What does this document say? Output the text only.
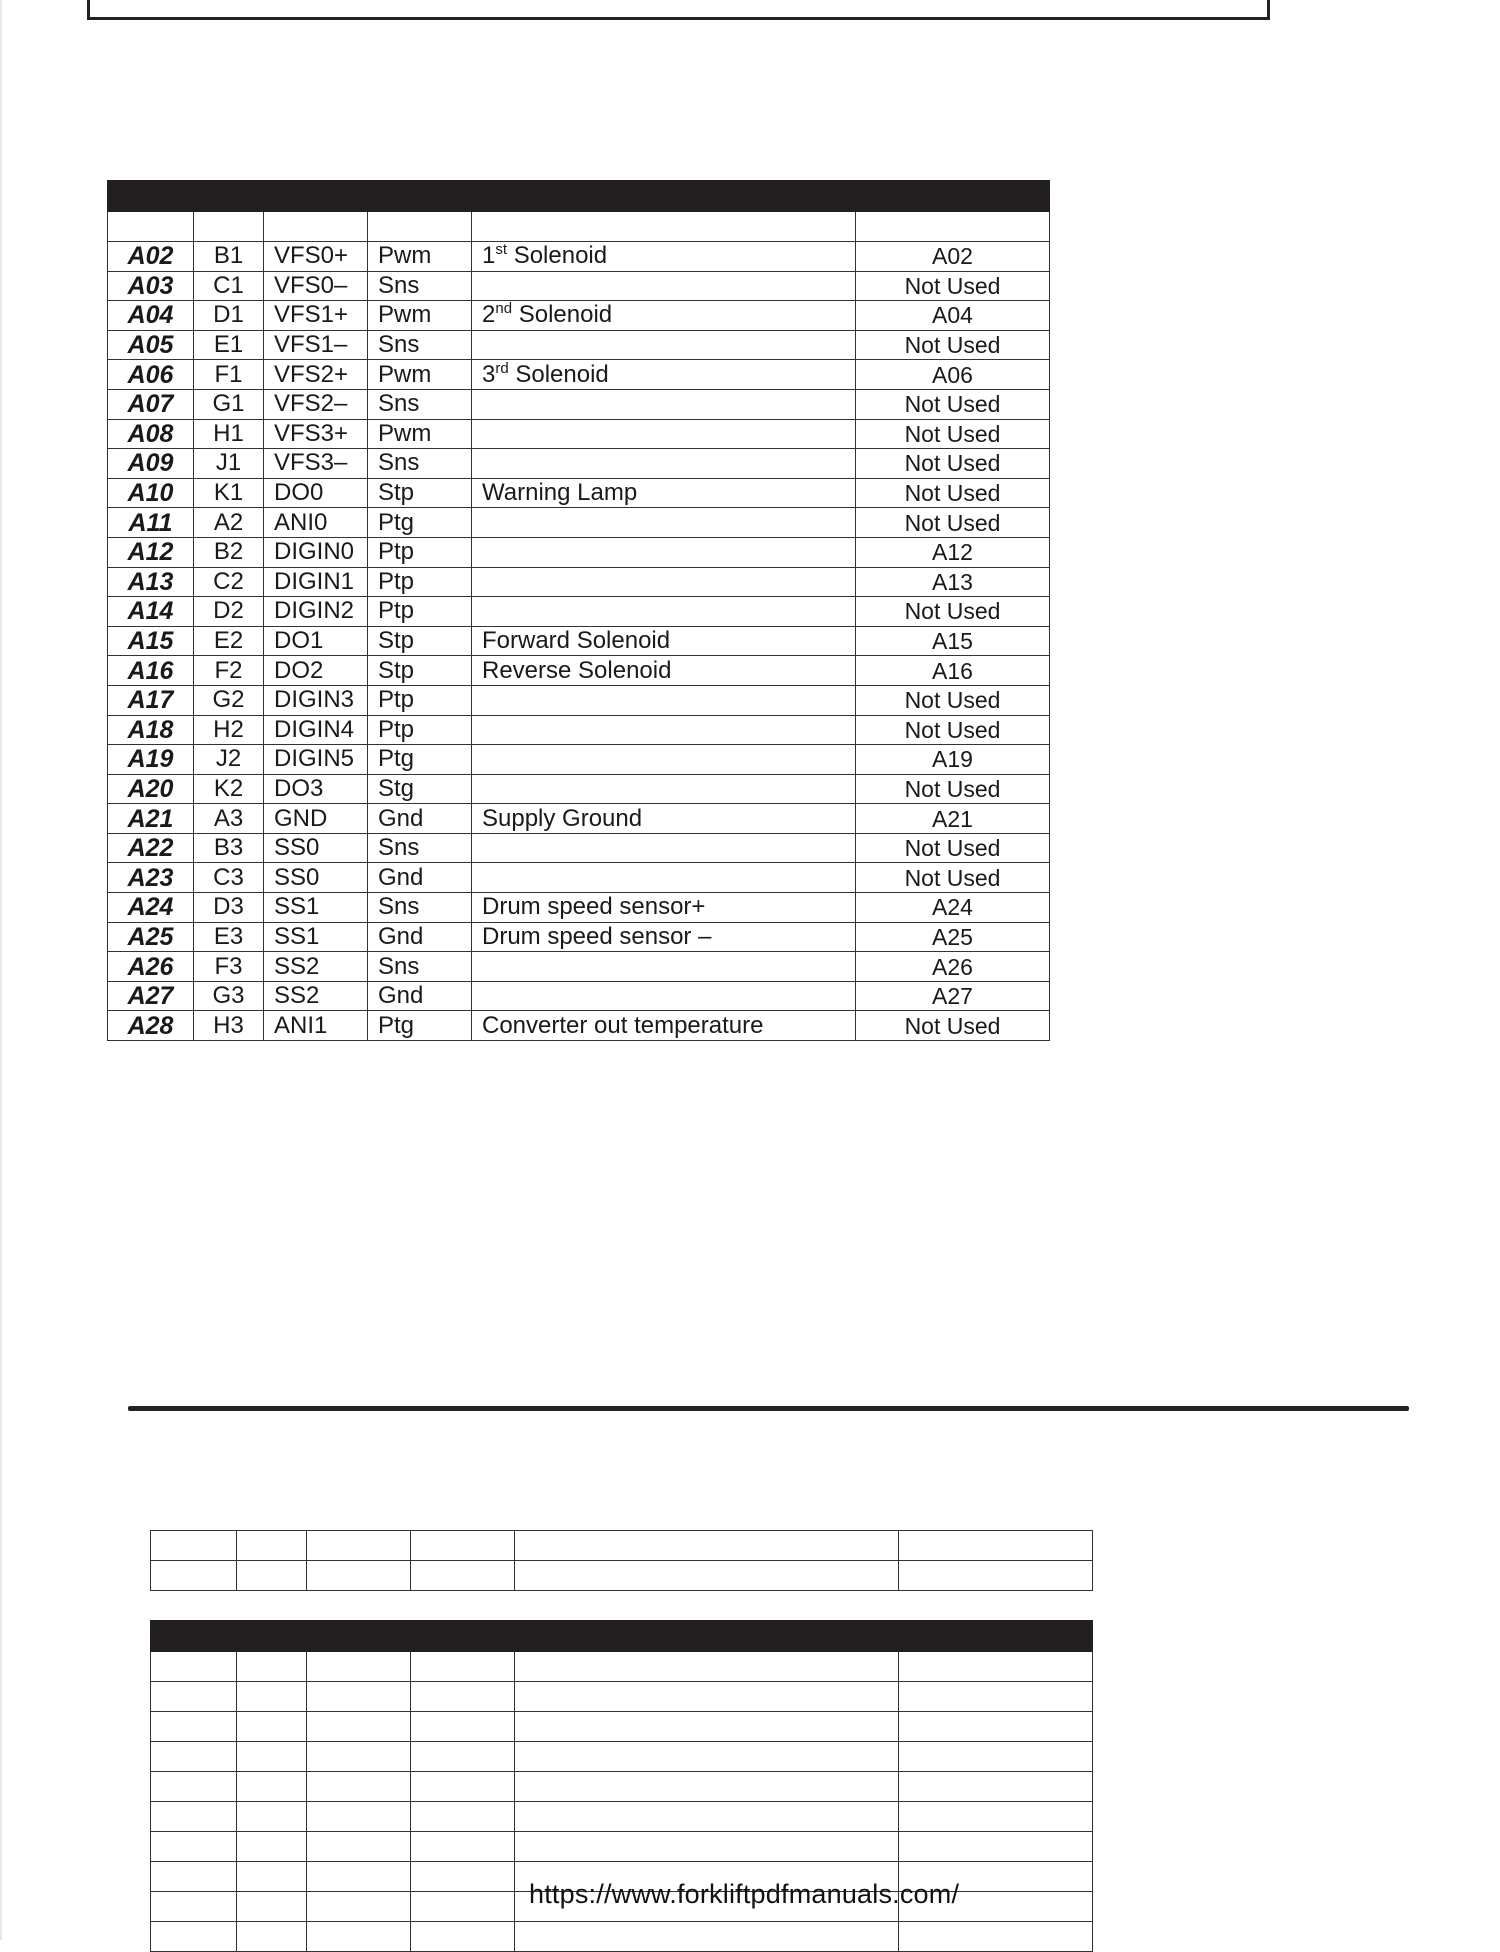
A02	B1	VFS0+	Pwm	1st Solenoid	A02
A03	C1	VFS0–	Sns		Not Used
A04	D1	VFS1+	Pwm	2nd Solenoid	A04
A05	E1	VFS1–	Sns		Not Used
A06	F1	VFS2+	Pwm	3rd Solenoid	A06
A07	G1	VFS2–	Sns		Not Used
A08	H1	VFS3+	Pwm		Not Used
A09	J1	VFS3–	Sns		Not Used
A10	K1	DO0	Stp	Warning Lamp	Not Used
A11	A2	ANI0	Ptg		Not Used
A12	B2	DIGIN0	Ptp		A12
A13	C2	DIGIN1	Ptp		A13
A14	D2	DIGIN2	Ptp		Not Used
A15	E2	DO1	Stp	Forward Solenoid	A15
A16	F2	DO2	Stp	Reverse Solenoid	A16
A17	G2	DIGIN3	Ptp		Not Used
A18	H2	DIGIN4	Ptp		Not Used
A19	J2	DIGIN5	Ptg		A19
A20	K2	DO3	Stg		Not Used
A21	A3	GND	Gnd	Supply Ground	A21
A22	B3	SS0	Sns		Not Used
A23	C3	SS0	Gnd		Not Used
A24	D3	SS1	Sns	Drum speed sensor+	A24
A25	E3	SS1	Gnd	Drum speed sensor –	A25
A26	F3	SS2	Sns		A26
A27	G3	SS2	Gnd		A27
A28	H3	ANI1	Ptg	Converter out temperature	Not Used

https://www.forkliftpdfmanuals.com/
